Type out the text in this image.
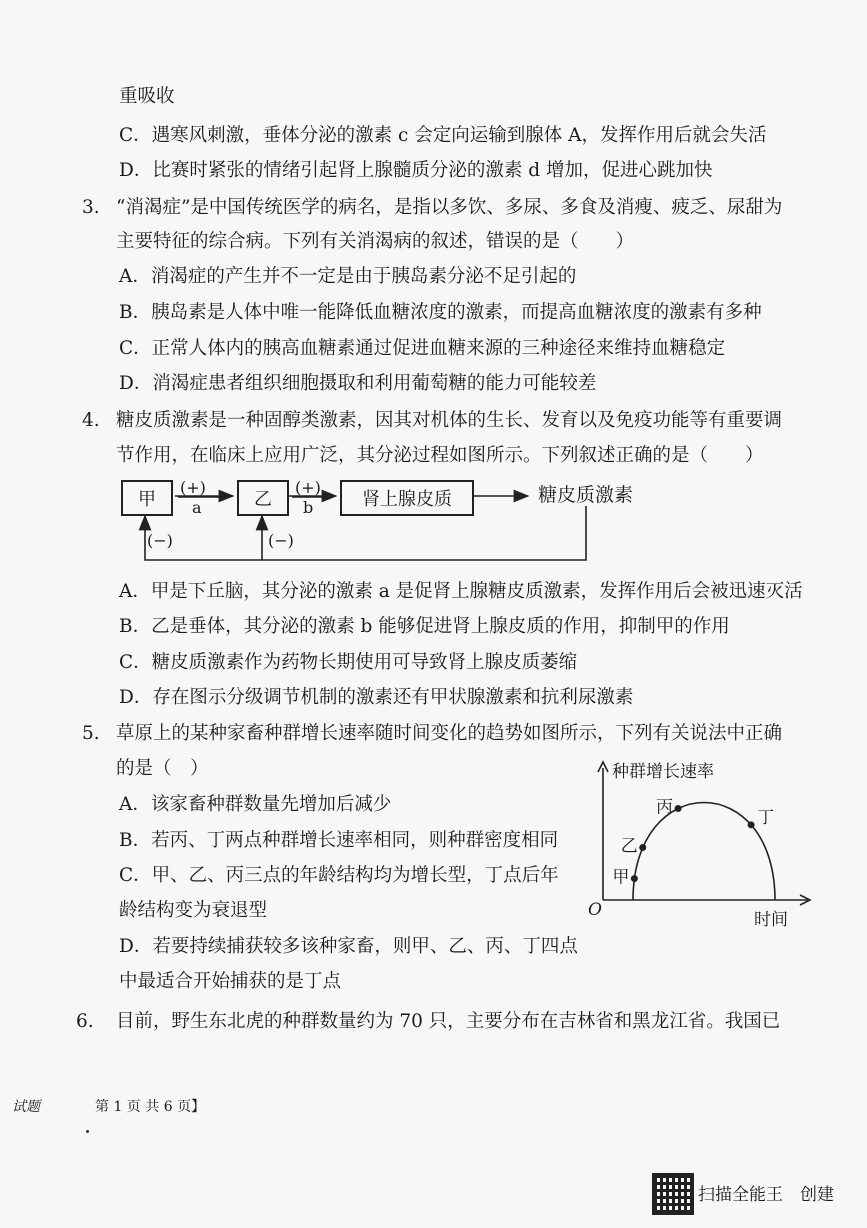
重吸收
C．遇寒风刺激，垂体分泌的激素 c 会定向运输到腺体 A，发挥作用后就会失活
D．比赛时紧张的情绪引起肾上腺髓质分泌的激素 d 增加，促进心跳加快
3. “消渴症”是中国传统医学的病名，是指以多饮、多尿、多食及消瘦、疲乏、尿甜为
主要特征的综合病。下列有关消渴病的叙述，错误的是（　　）
A．消渴症的产生并不一定是由于胰岛素分泌不足引起的
B．胰岛素是人体中唯一能降低血糖浓度的激素，而提高血糖浓度的激素有多种
C．正常人体内的胰高血糖素通过促进血糖来源的三种途径来维持血糖稳定
D．消渴症患者组织细胞摄取和利用葡萄糖的能力可能较差
4. 糖皮质激素是一种固醇类激素，因其对机体的生长、发育以及免疫功能等有重要调
节作用，在临床上应用广泛，其分泌过程如图所示。下列叙述正确的是（　　）
甲	乙	肾上腺皮质	糖皮质激素
(+)
a
(+)
b
(−)	(−)
A．甲是下丘脑，其分泌的激素 a 是促肾上腺糖皮质激素，发挥作用后会被迅速灭活
B．乙是垂体，其分泌的激素 b 能够促进肾上腺皮质的作用，抑制甲的作用
C．糖皮质激素作为药物长期使用可导致肾上腺皮质萎缩
D．存在图示分级调节机制的激素还有甲状腺激素和抗利尿激素
5. 草原上的某种家畜种群增长速率随时间变化的趋势如图所示，下列有关说法中正确
的是（　）
A．该家畜种群数量先增加后减少
B．若丙、丁两点种群增长速率相同，则种群密度相同
C．甲、乙、丙三点的年龄结构均为增长型，丁点后年
龄结构变为衰退型
D．若要持续捕获较多该种家畜，则甲、乙、丙、丁四点
中最适合开始捕获的是丁点
种群增长速率
时间
O
甲
乙
丙
丁
6. 目前，野生东北虎的种群数量约为 70 只，主要分布在吉林省和黑龙江省。我国已
试题	第 1 页 共 6 页】
扫描全能王　创建
